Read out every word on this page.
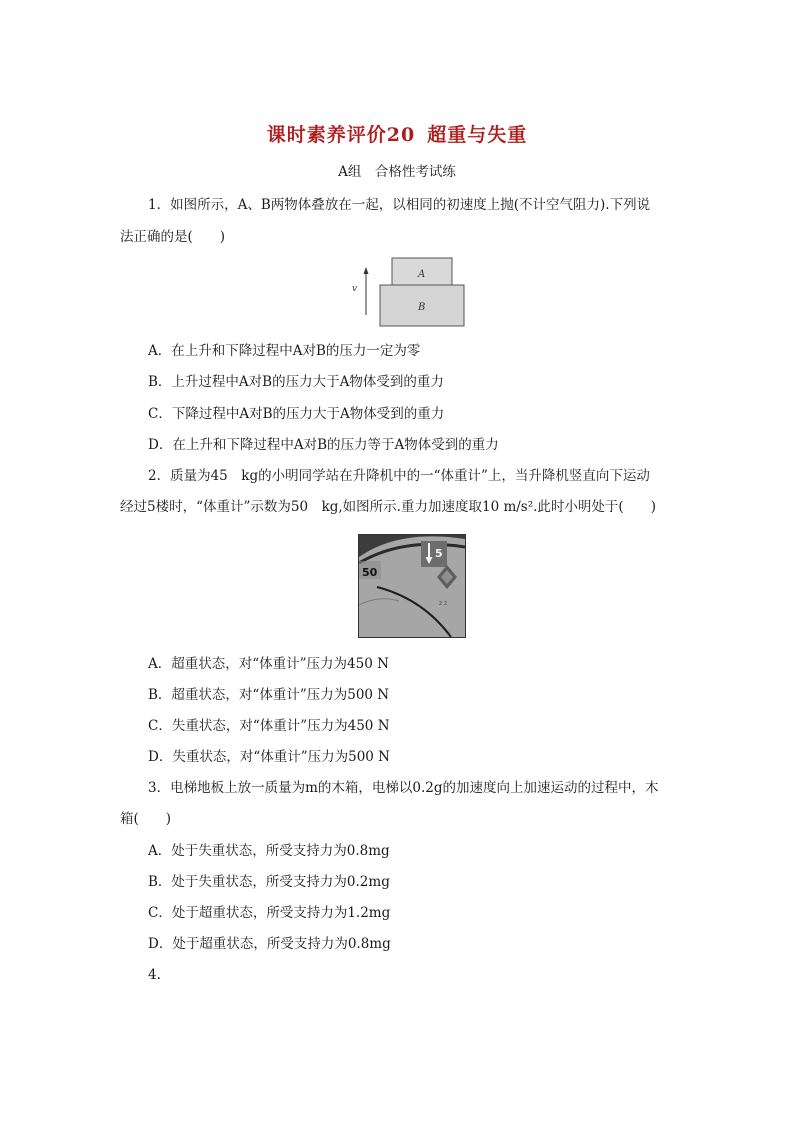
课时素养评价20 超重与失重
A组　合格性考试练
1．如图所示，A、B两物体叠放在一起，以相同的初速度上抛(不计空气阻力).下列说
法正确的是(　　)
A
B
v
A．在上升和下降过程中A对B的压力一定为零
B．上升过程中A对B的压力大于A物体受到的重力
C．下降过程中A对B的压力大于A物体受到的重力
D．在上升和下降过程中A对B的压力等于A物体受到的重力
2．质量为45　kg的小明同学站在升降机中的一“体重计”上，当升降机竖直向下运动
经过5楼时，“体重计”示数为50　kg,如图所示.重力加速度取10 m/s².此时小明处于(　　)
50
5
z z
A．超重状态，对“体重计”压力为450 N
B．超重状态，对“体重计”压力为500 N
C．失重状态，对“体重计”压力为450 N
D．失重状态，对“体重计”压力为500 N
3．电梯地板上放一质量为m的木箱，电梯以0.2g的加速度向上加速运动的过程中，木
箱(　　)
A．处于失重状态，所受支持力为0.8mg
B．处于失重状态，所受支持力为0.2mg
C．处于超重状态，所受支持力为1.2mg
D．处于超重状态，所受支持力为0.8mg
4.
